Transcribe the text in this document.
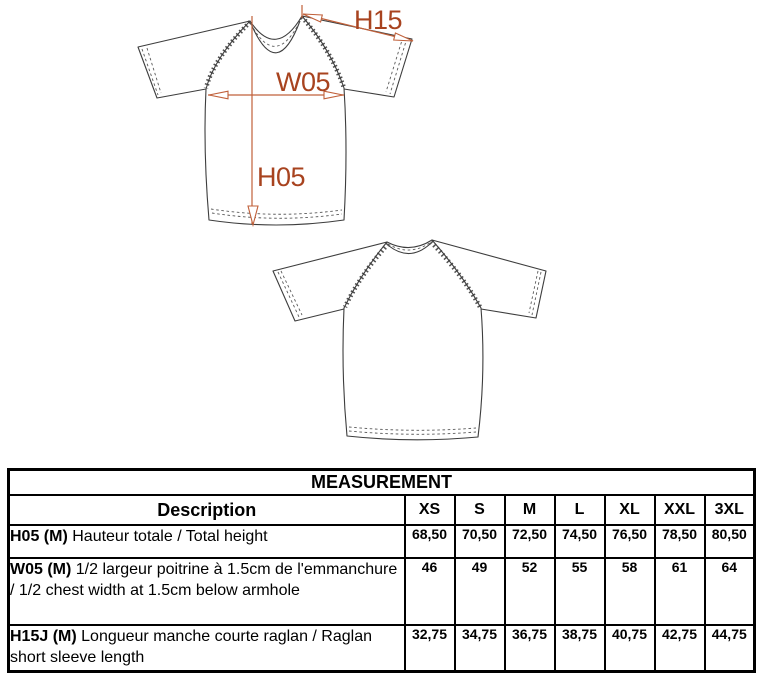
H05
W05
H15
MEASUREMENT							
Description	XS	S	M	L	XL	XXL	3XL
H05 (M) Hauteur totale / Total height	68,50	70,50	72,50	74,50	76,50	78,50	80,50
W05 (M) 1/2 largeur poitrine à 1.5cm de l'emmanchure / 1/2 chest width at 1.5cm below armhole	46	49	52	55	58	61	64
H15J (M) Longueur manche courte raglan / Raglan short sleeve length	32,75	34,75	36,75	38,75	40,75	42,75	44,75
